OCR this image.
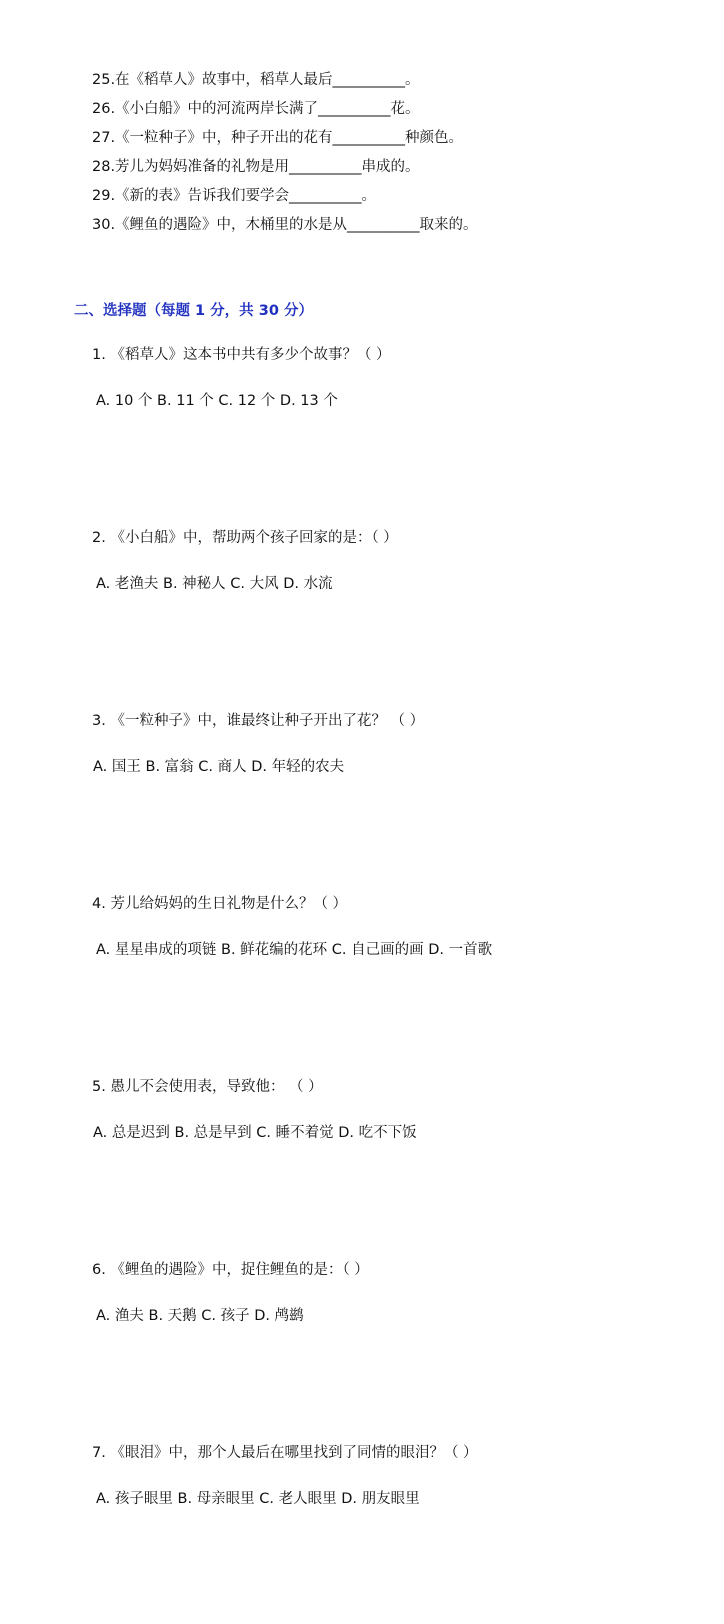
25.在《稻草人》故事中，稻草人最后__________。
26.《小白船》中的河流两岸长满了__________花。
27.《一粒种子》中，种子开出的花有__________种颜色。
28.芳儿为妈妈准备的礼物是用__________串成的。
29.《新的表》告诉我们要学会__________。
30.《鲤鱼的遇险》中，木桶里的水是从__________取来的。
二、选择题（每题 1 分，共 30 分）
1. 《稻草人》这本书中共有多少个故事？（ ）
A. 10 个 B. 11 个 C. 12 个 D. 13 个
2. 《小白船》中，帮助两个孩子回家的是：（ ）
A. 老渔夫 B. 神秘人 C. 大风 D. 水流
3. 《一粒种子》中，谁最终让种子开出了花？ （ ）
A. 国王 B. 富翁 C. 商人 D. 年轻的农夫
4. 芳儿给妈妈的生日礼物是什么？（ ）
A. 星星串成的项链 B. 鲜花编的花环 C. 自己画的画 D. 一首歌
5. 愚儿不会使用表，导致他： （ ）
A. 总是迟到 B. 总是早到 C. 睡不着觉 D. 吃不下饭
6. 《鲤鱼的遇险》中，捉住鲤鱼的是：（ ）
A. 渔夫 B. 天鹅 C. 孩子 D. 鸬鹚
7. 《眼泪》中，那个人最后在哪里找到了同情的眼泪？（ ）
A. 孩子眼里 B. 母亲眼里 C. 老人眼里 D. 朋友眼里
